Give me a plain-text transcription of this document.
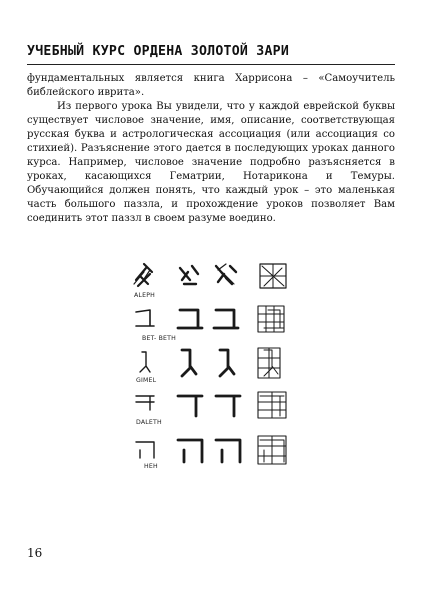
УЧЕБНЫЙ КУРС ОРДЕНА ЗОЛОТОЙ ЗАРИ

фундаментальных является книга Харрисона – «Самоучитель библейского иврита».

Из первого урока Вы увидели, что у каждой еврейской буквы существует числовое значение, имя, описание, соответствующая русская буква и астрологическая ассоциация (или ассоциация со стихией). Разъяснение этого дается в последующих уроках данного курса. Например, числовое значение подробно разъясняется в уроках, касающихся Гематрии, Нотарикона и Темуры. Обучающийся должен понять, что каждый урок – это маленькая часть большого паззла, и прохождение уроков позволяет Вам соединить этот паззл в своем разуме воедино.

ALEPH
BET- BETH
GIMEL
DALETH
HEH
16
